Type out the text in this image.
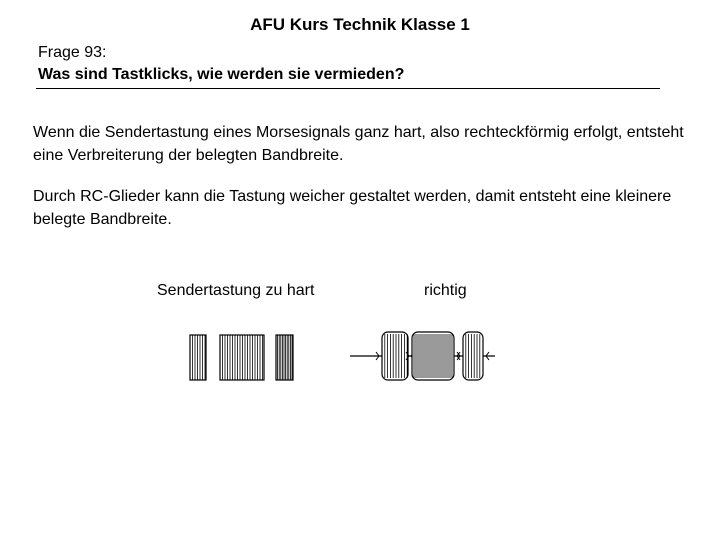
AFU Kurs Technik Klasse 1
Frage 93:
Was sind Tastklicks, wie werden sie vermieden?

Wenn die Sendertastung eines Morsesignals ganz hart, also rechteckförmig erfolgt, entsteht eine Verbreiterung der belegten Bandbreite.

Durch RC-Glieder kann die Tastung weicher gestaltet werden, damit entsteht eine kleinere belegte Bandbreite.

Sendertastung zu hart	richtig
